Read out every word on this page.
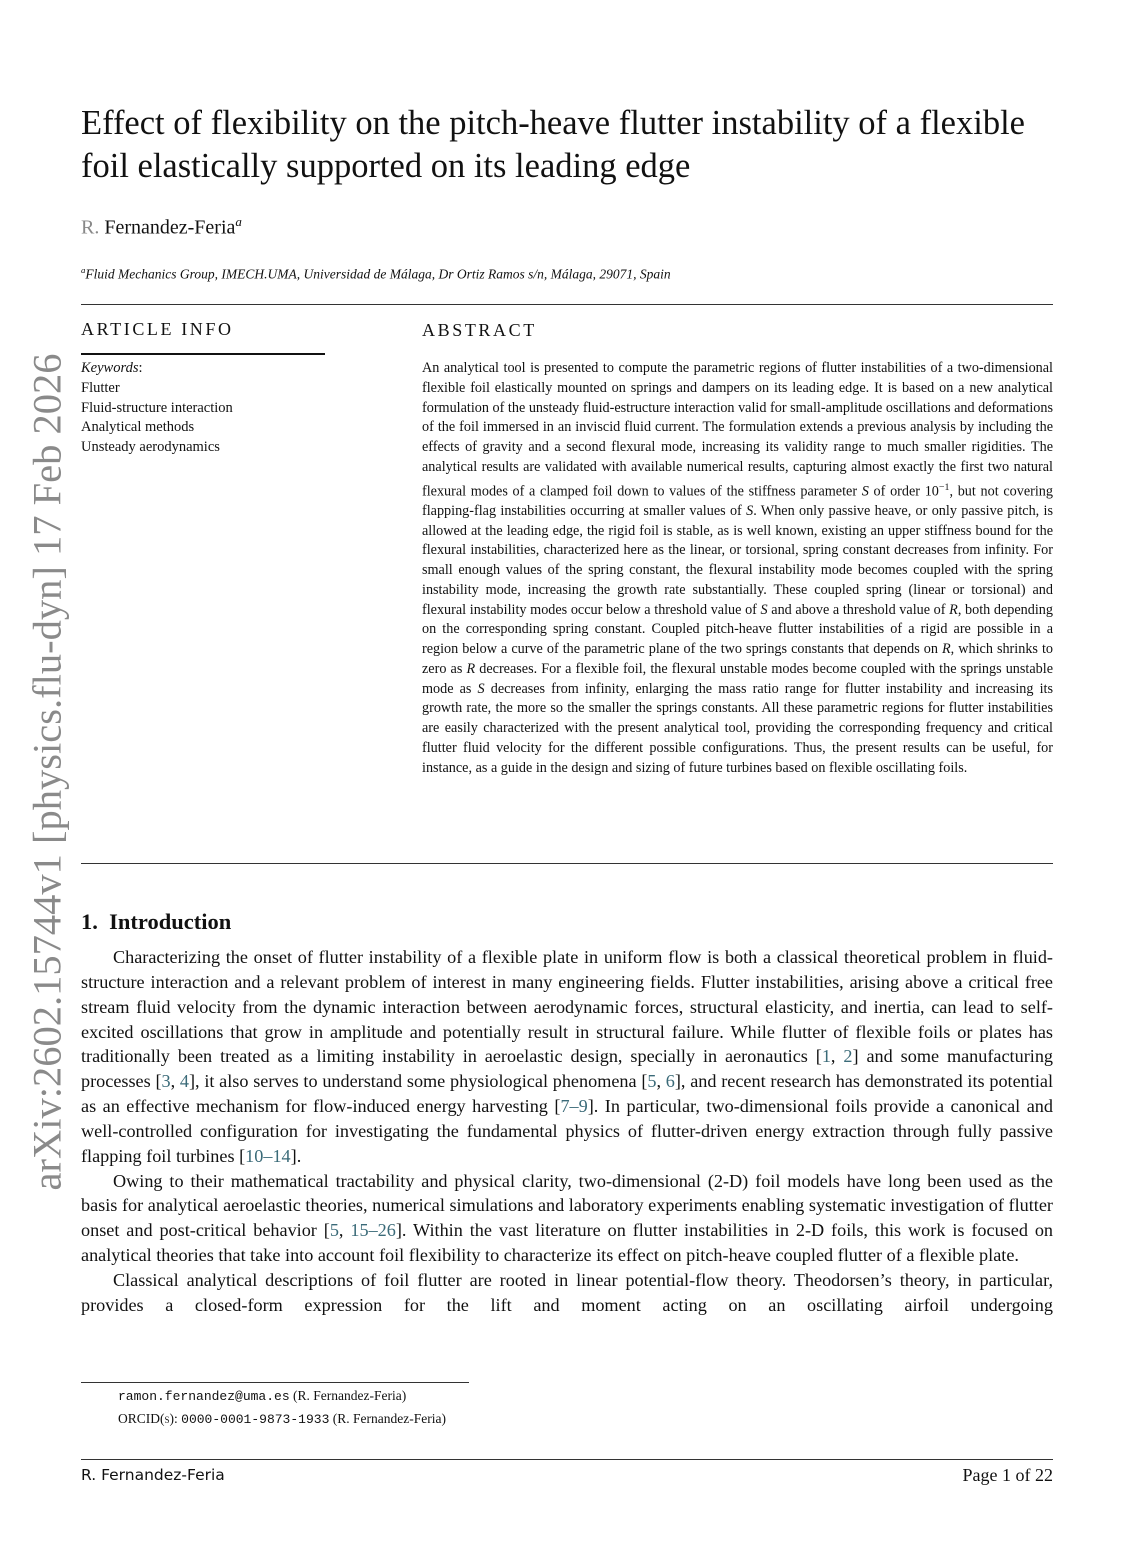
arXiv:2602.15744v1 [physics.flu-dyn] 17 Feb 2026
Effect of flexibility on the pitch-heave flutter instability of a flexible foil elastically supported on its leading edge
R. Fernandez-Feria$^a$
$^a$Fluid Mechanics Group, IMECH.UMA, Universidad de Málaga, Dr Ortiz Ramos s/n, Málaga, 29071, Spain
ARTICLE INFO
Keywords:
Flutter
Fluid-structure interaction
Analytical methods
Unsteady aerodynamics
ABSTRACT
An analytical tool is presented to compute the parametric regions of flutter instabilities of a two-dimensional flexible foil elastically mounted on springs and dampers on its leading edge. It is based on a new analytical formulation of the unsteady fluid-estructure interaction valid for small-amplitude oscillations and deformations of the foil immersed in an inviscid fluid current. The formulation extends a previous analysis by including the effects of gravity and a second flexural mode, increasing its validity range to much smaller rigidities. The analytical results are validated with available numerical results, capturing almost exactly the first two natural flexural modes of a clamped foil down to values of the stiffness parameter S of order $10^{-1}$, but not covering flapping-flag instabilities occurring at smaller values of S. When only passive heave, or only passive pitch, is allowed at the leading edge, the rigid foil is stable, as is well known, existing an upper stiffness bound for the flexural instabilities, characterized here as the linear, or torsional, spring constant decreases from infinity. For small enough values of the spring constant, the flexural instability mode becomes coupled with the spring instability mode, increasing the growth rate substantially. These coupled spring (linear or torsional) and flexural instability modes occur below a threshold value of S and above a threshold value of R, both depending on the corresponding spring constant. Coupled pitch-heave flutter instabilities of a rigid are possible in a region below a curve of the parametric plane of the two springs constants that depends on R, which shrinks to zero as R decreases. For a flexible foil, the flexural unstable modes become coupled with the springs unstable mode as S decreases from infinity, enlarging the mass ratio range for flutter instability and increasing its growth rate, the more so the smaller the springs constants. All these parametric regions for flutter instabilities are easily characterized with the present analytical tool, providing the corresponding frequency and critical flutter fluid velocity for the different possible configurations. Thus, the present results can be useful, for instance, as a guide in the design and sizing of future turbines based on flexible oscillating foils.
1. Introduction

Characterizing the onset of flutter instability of a flexible plate in uniform flow is both a classical theoretical problem in fluid-structure interaction and a relevant problem of interest in many engineering fields. Flutter instabilities, arising above a critical free stream fluid velocity from the dynamic interaction between aerodynamic forces, structural elasticity, and inertia, can lead to self-excited oscillations that grow in amplitude and potentially result in structural failure. While flutter of flexible foils or plates has traditionally been treated as a limiting instability in aeroelastic design, specially in aeronautics [1, 2] and some manufacturing processes [3, 4], it also serves to understand some physiological phenomena [5, 6], and recent research has demonstrated its potential as an effective mechanism for flow-induced energy harvesting [7–9]. In particular, two-dimensional foils provide a canonical and well-controlled configuration for investigating the fundamental physics of flutter-driven energy extraction through fully passive flapping foil turbines [10–14].

Owing to their mathematical tractability and physical clarity, two-dimensional (2-D) foil models have long been used as the basis for analytical aeroelastic theories, numerical simulations and laboratory experiments enabling systematic investigation of flutter onset and post-critical behavior [5, 15–26]. Within the vast literature on flutter instabilities in 2-D foils, this work is focused on analytical theories that take into account foil flexibility to characterize its effect on pitch-heave coupled flutter of a flexible plate.

Classical analytical descriptions of foil flutter are rooted in linear potential-flow theory. Theodorsen’s theory, in particular, provides a closed-form expression for the lift and moment acting on an oscillating airfoil undergoing

ramon.fernandez@uma.es (R. Fernandez-Feria)
ORCID(s): 0000-0001-9873-1933 (R. Fernandez-Feria)
R. Fernandez-Feria	Page 1 of 22
